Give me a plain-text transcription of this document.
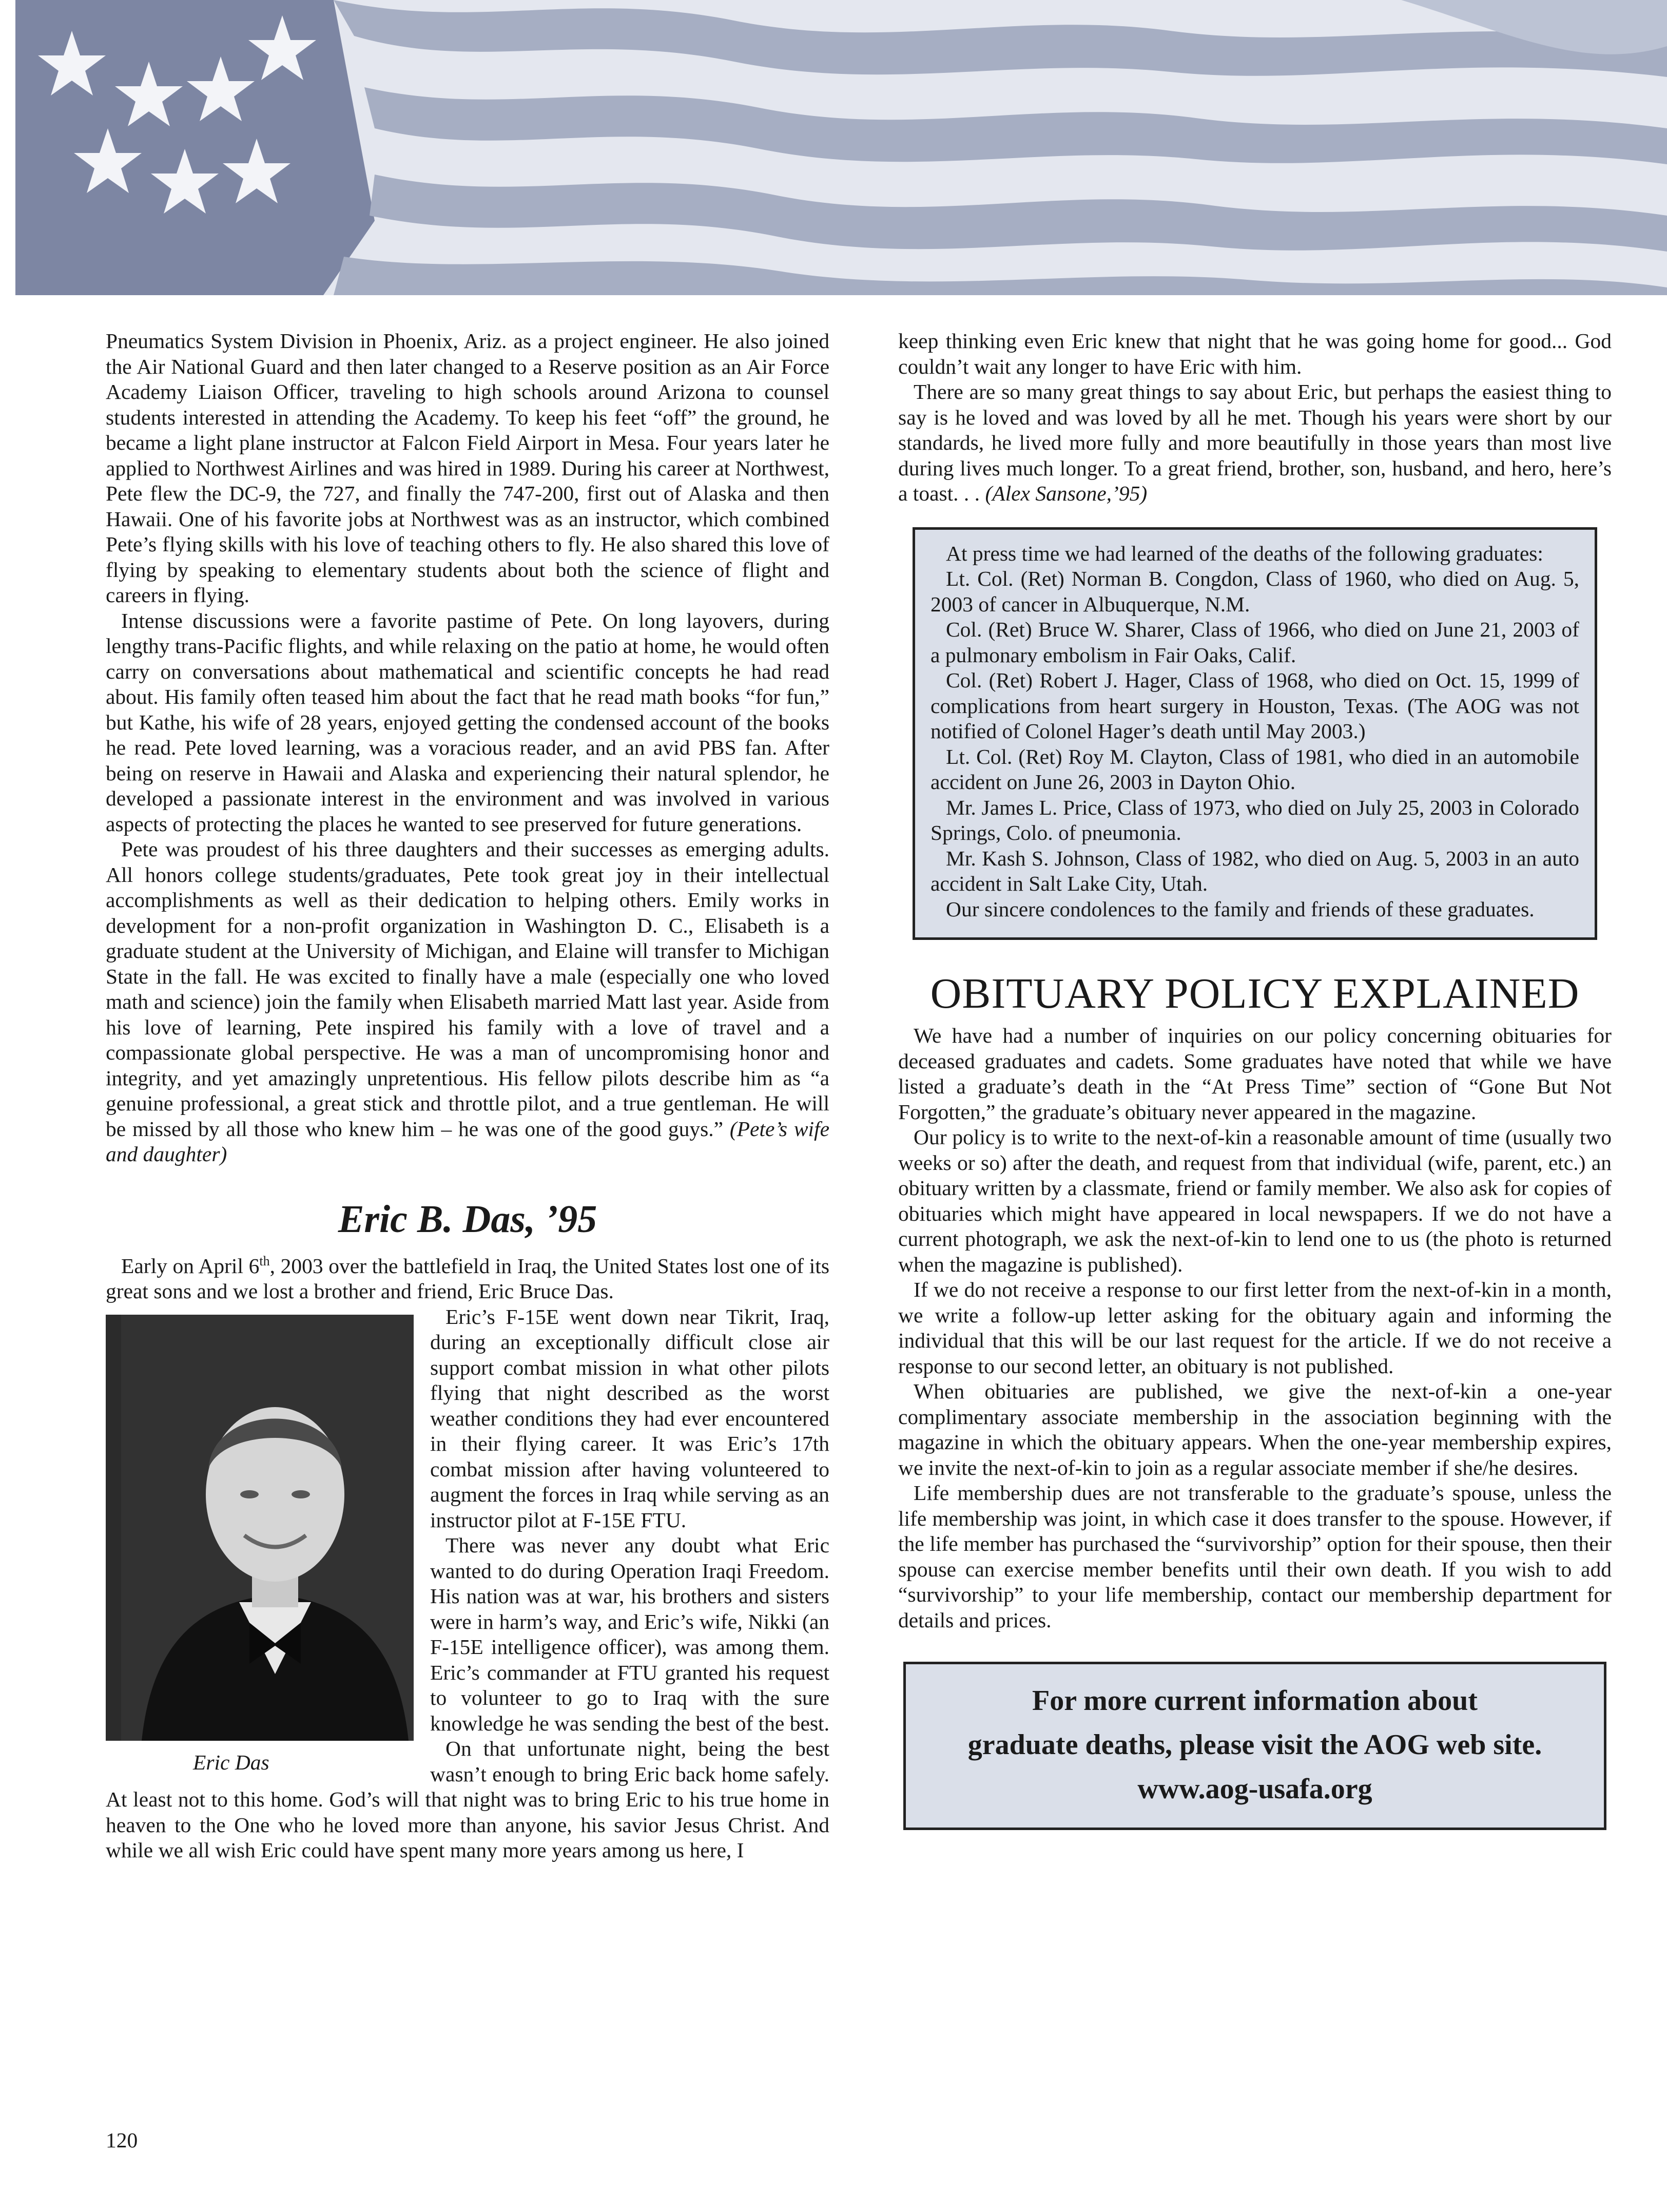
Pneumatics System Division in Phoenix, Ariz. as a project engineer. He also joined the Air National Guard and then later changed to a Reserve position as an Air Force Academy Liaison Officer, traveling to high schools around Arizona to counsel students interested in attending the Academy. To keep his feet “off” the ground, he became a light plane instructor at Falcon Field Airport in Mesa. Four years later he applied to Northwest Airlines and was hired in 1989. During his career at Northwest, Pete flew the DC-9, the 727, and finally the 747-200, first out of Alaska and then Hawaii. One of his favorite jobs at Northwest was as an instructor, which combined Pete’s flying skills with his love of teaching others to fly. He also shared this love of flying by speaking to elementary students about both the science of flight and careers in flying.

Intense discussions were a favorite pastime of Pete. On long layovers, during lengthy trans-Pacific flights, and while relaxing on the patio at home, he would often carry on conversations about mathematical and scientific concepts he had read about. His family often teased him about the fact that he read math books “for fun,” but Kathe, his wife of 28 years, enjoyed getting the condensed account of the books he read. Pete loved learning, was a voracious reader, and an avid PBS fan. After being on reserve in Hawaii and Alaska and experiencing their natural splendor, he developed a passionate interest in the environment and was involved in various aspects of protecting the places he wanted to see preserved for future generations.

Pete was proudest of his three daughters and their successes as emerging adults. All honors college students/graduates, Pete took great joy in their intellectual accomplishments as well as their dedication to helping others. Emily works in development for a non-profit organization in Washington D. C., Elisabeth is a graduate student at the University of Michigan, and Elaine will transfer to Michigan State in the fall. He was excited to finally have a male (especially one who loved math and science) join the family when Elisabeth married Matt last year. Aside from his love of learning, Pete inspired his family with a love of travel and a compassionate global perspective. He was a man of uncompromising honor and integrity, and yet amazingly unpretentious. His fellow pilots describe him as “a genuine professional, a great stick and throttle pilot, and a true gentleman. He will be missed by all those who knew him – he was one of the good guys.” (Pete’s wife and daughter)

Eric B. Das, ’95

Early on April 6th, 2003 over the battlefield in Iraq, the United States lost one of its great sons and we lost a brother and friend, Eric Bruce Das.

Eric Das
Eric’s F-15E went down near Tikrit, Iraq, during an exceptionally difficult close air support combat mission in what other pilots flying that night described as the worst weather conditions they had ever encountered in their flying career. It was Eric’s 17th combat mission after having volunteered to augment the forces in Iraq while serving as an instructor pilot at F-15E FTU.

There was never any doubt what Eric wanted to do during Operation Iraqi Freedom. His nation was at war, his brothers and sisters were in harm’s way, and Eric’s wife, Nikki (an F-15E intelligence officer), was among them. Eric’s commander at FTU granted his request to volunteer to go to Iraq with the sure knowledge he was sending the best of the best.

On that unfortunate night, being the best wasn’t enough to bring Eric back home safely. At least not to this home. God’s will that night was to bring Eric to his true home in heaven to the One who he loved more than anyone, his savior Jesus Christ. And while we all wish Eric could have spent many more years among us here, I

keep thinking even Eric knew that night that he was going home for good... God couldn’t wait any longer to have Eric with him.

There are so many great things to say about Eric, but perhaps the easiest thing to say is he loved and was loved by all he met. Though his years were short by our standards, he lived more fully and more beautifully in those years than most live during lives much longer. To a great friend, brother, son, husband, and hero, here’s a toast. . . (Alex Sansone,’95)

At press time we had learned of the deaths of the following graduates:

Lt. Col. (Ret) Norman B. Congdon, Class of 1960, who died on Aug. 5, 2003 of cancer in Albuquerque, N.M.

Col. (Ret) Bruce W. Sharer, Class of 1966, who died on June 21, 2003 of a pulmonary embolism in Fair Oaks, Calif.

Col. (Ret) Robert J. Hager, Class of 1968, who died on Oct. 15, 1999 of complications from heart surgery in Houston, Texas. (The AOG was not notified of Colonel Hager’s death until May 2003.)

Lt. Col. (Ret) Roy M. Clayton, Class of 1981, who died in an automobile accident on June 26, 2003 in Dayton Ohio.

Mr. James L. Price, Class of 1973, who died on July 25, 2003 in Colorado Springs, Colo. of pneumonia.

Mr. Kash S. Johnson, Class of 1982, who died on Aug. 5, 2003 in an auto accident in Salt Lake City, Utah.

Our sincere condolences to the family and friends of these graduates.

OBITUARY POLICY EXPLAINED

We have had a number of inquiries on our policy concerning obituaries for deceased graduates and cadets. Some graduates have noted that while we have listed a graduate’s death in the “At Press Time” section of “Gone But Not Forgotten,” the graduate’s obituary never appeared in the magazine.

Our policy is to write to the next-of-kin a reasonable amount of time (usually two weeks or so) after the death, and request from that individual (wife, parent, etc.) an obituary written by a classmate, friend or family member. We also ask for copies of obituaries which might have appeared in local newspapers. If we do not have a current photograph, we ask the next-of-kin to lend one to us (the photo is returned when the magazine is published).

If we do not receive a response to our first letter from the next-of-kin in a month, we write a follow-up letter asking for the obituary again and informing the individual that this will be our last request for the article. If we do not receive a response to our second letter, an obituary is not published.

When obituaries are published, we give the next-of-kin a one-year complimentary associate membership in the association beginning with the magazine in which the obituary appears. When the one-year membership expires, we invite the next-of-kin to join as a regular associate member if she/he desires.

Life membership dues are not transferable to the graduate’s spouse, unless the life membership was joint, in which case it does transfer to the spouse. However, if the life member has purchased the “survivorship” option for their spouse, then their spouse can exercise member benefits until their own death. If you wish to add “survivorship” to your life membership, contact our membership department for details and prices.

For more current information about
graduate deaths, please visit the AOG web site.
www.aog-usafa.org
120
